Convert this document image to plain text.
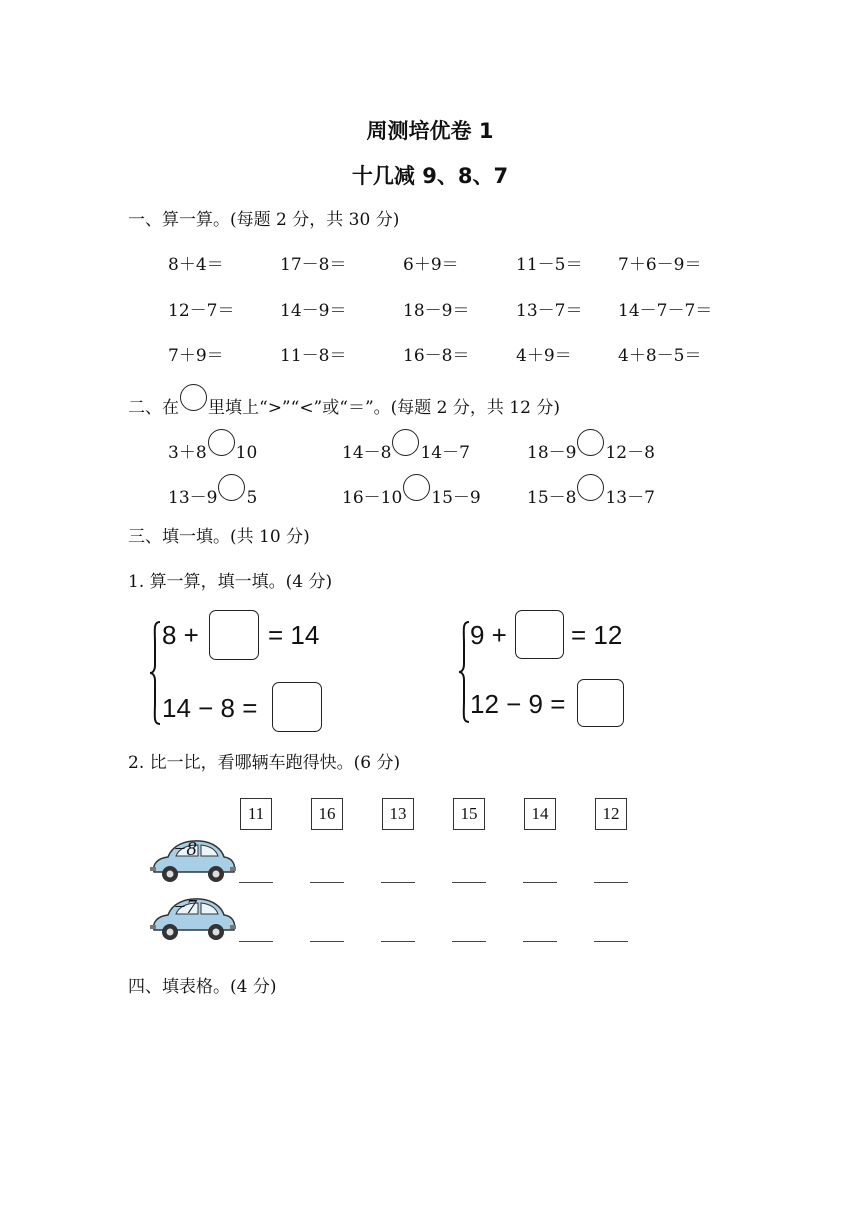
周测培优卷 1
十几减 9、8、7
一、算一算。(每题 2 分，共 30 分)
8＋4＝	17－8＝	6＋9＝	11－5＝ 7＋6－9＝
12－7＝	14－9＝	18－9＝	13－7＝ 14－7－7＝
7＋9＝	11－8＝	16－8＝	4＋9＝	4＋8－5＝
二、在 里填上“>”“<”或“＝”。(每题 2 分，共 12 分)
3＋8 10	14－8 14－7	18－9 12－8
13－9 5	16－10 15－9	15－8 13－7
三、填一填。(共 10 分)
1. 算一算，填一填。(4 分)
8 +	= 14
14 − 8 =
9 + = 12
12 − 9 =
2. 比一比，看哪辆车跑得快。(6 分)
11	16	13	15	14	12
−8
−7
四、填表格。(4 分)
